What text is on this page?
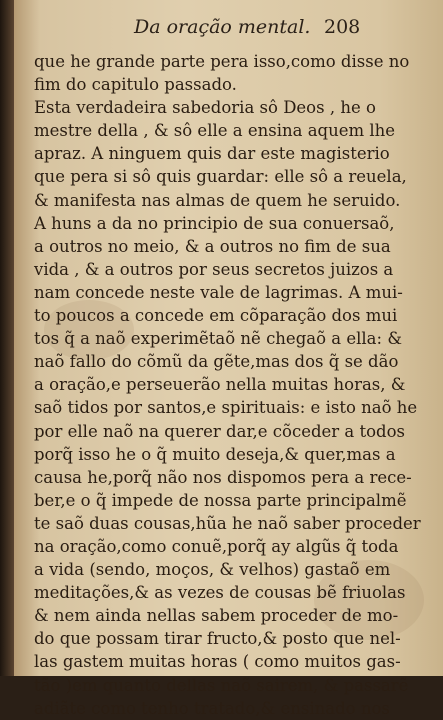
Da oração mental. 208
que he grande parte pera isso,como disse no
fim do capitulo passado.
Esta verdadeira sabedoria sô Deos , he o
mestre della , & sô elle a ensina aquem lhe
apraz. A ninguem quis dar este magisterio
que pera si sô quis guardar: elle sô a reuela,
& manifesta nas almas de quem he seruido.
A huns a da no principio de sua conuersaõ,
a outros no meio, & a outros no fim de sua
vida , & a outros por seus secretos juizos a
nam concede neste vale de lagrimas. A mui-
to poucos a concede em cõparação dos mui
tos q̃ a naõ experimẽtaõ nẽ chegaõ a ella: &
naõ fallo do cõmũ da gẽte,mas dos q̃ se dão
a oração,e perseuerão nella muitas horas, &
saõ tidos por santos,e spirituais: e isto naõ he
por elle naõ na querer dar,e cõceder a todos
porq̃ isso he o q̃ muito deseja,& quer,mas a
causa he,porq̃ não nos dispomos pera a rece-
ber,e o q̃ impede de nossa parte principalmẽ
te saõ duas cousas,hũa he naõ saber proceder
na oração,como conuẽ,porq̃ ay algũs q̃ toda
a vida (sendo, moços, & velhos) gastaõ em
meditações,& as vezes de cousas bẽ friuolas
& nem ainda nellas sabem proceder de mo-
do que possam tirar fructo,& posto que nel-
las gastem muitas horas ( como muitos gas-
tão )em quanto dellas naõ sairem, & passarẽ
adiãte como tenho tratado,& ensinado nos
